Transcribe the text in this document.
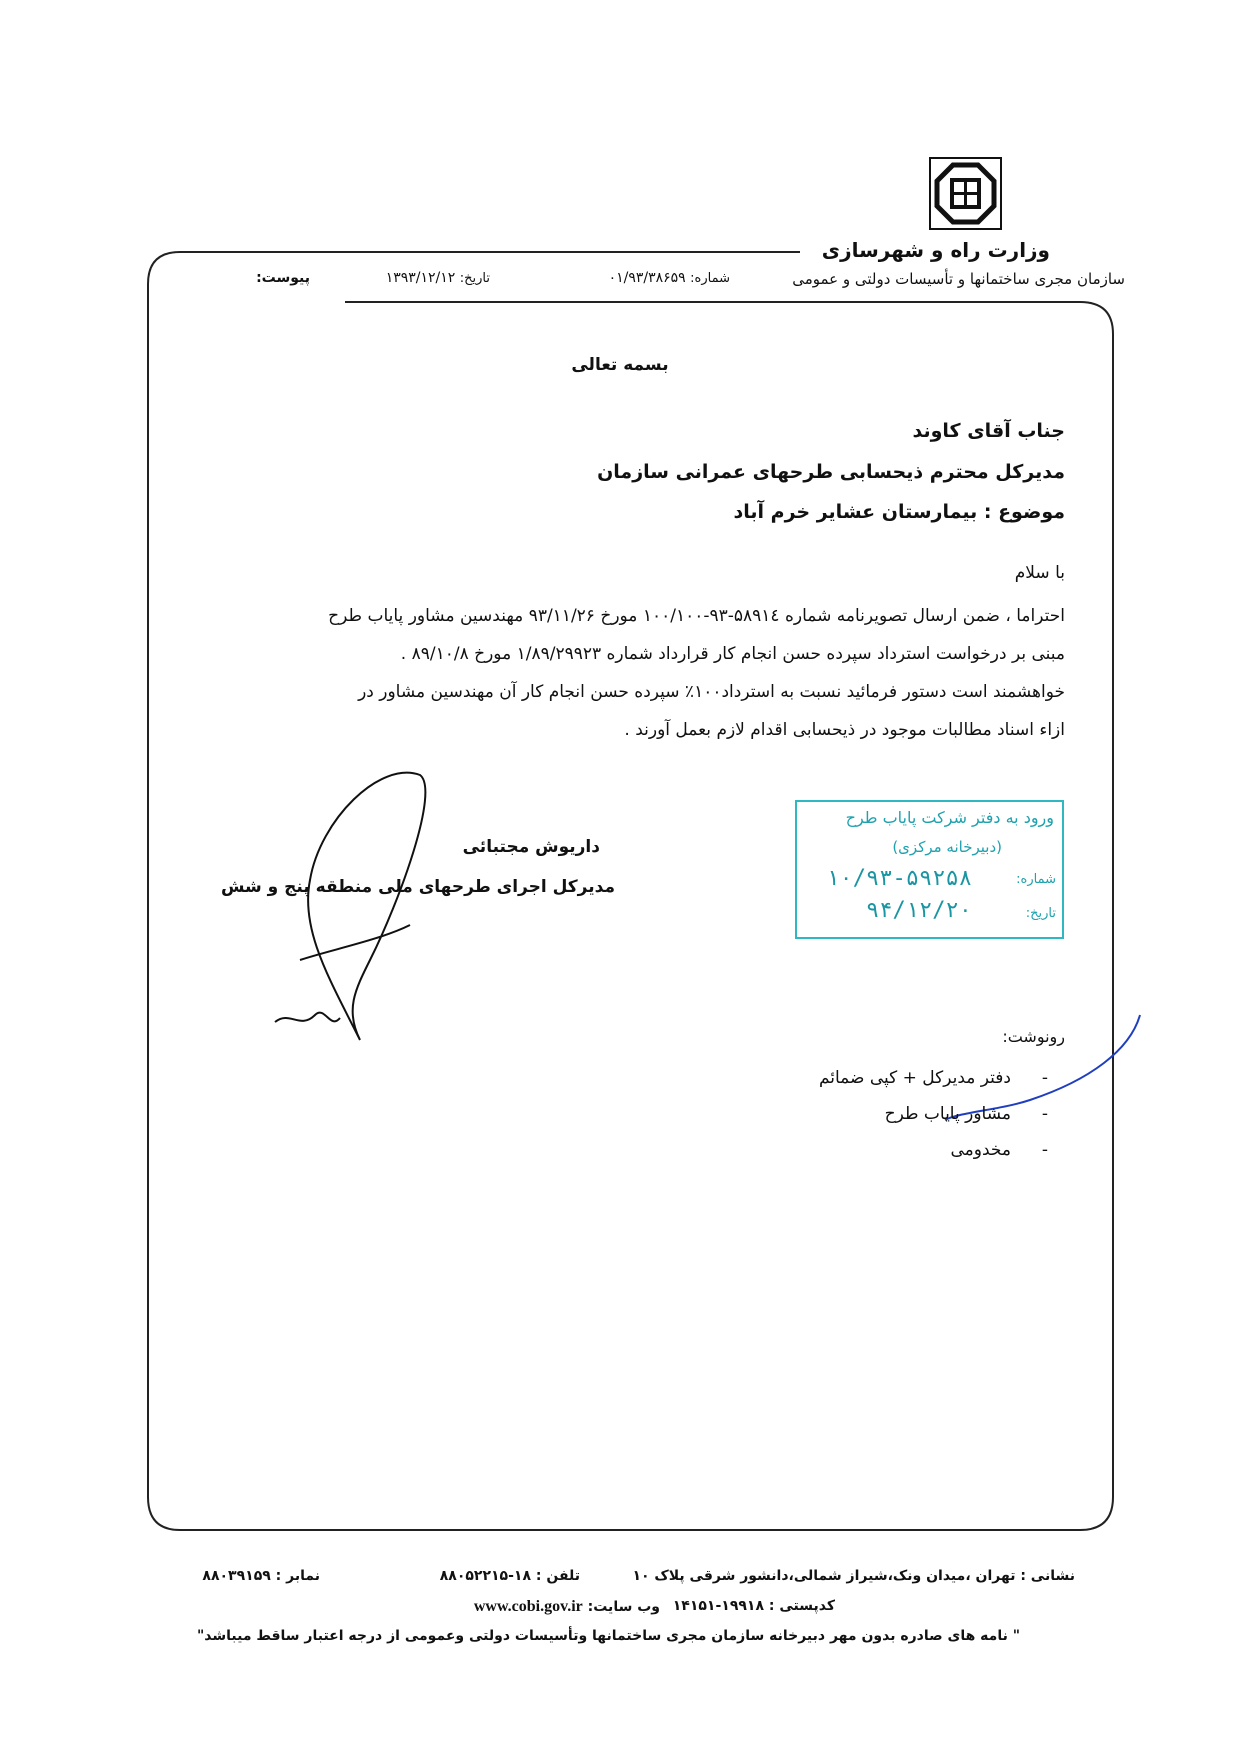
وزارت راه و شهرسازی
سازمان مجری ساختمانها و تأسیسات دولتی و عمومی
شماره: ۰۱/۹۳/۳۸۶۵۹
تاریخ: ۱۳۹۳/۱۲/۱۲
پیوست:
بسمه تعالی
جناب آقای کاوند
مدیرکل محترم ذیحسابی طرحهای عمرانی سازمان
موضوع : بیمارستان عشایر خرم آباد
با سلام

احتراما ، ضمن ارسال تصویرنامه شماره ۵۸۹۱٤-۹۳-۱۰۰/۱۰۰ مورخ ۹۳/۱۱/۲۶ مهندسین مشاور پایاب طرح

مبنی بر درخواست استرداد سپرده حسن انجام کار قرارداد شماره ۱/۸۹/۲۹۹۲۳ مورخ ۸۹/۱۰/۸ .

خواهشمند است دستور فرمائید نسبت به استرداد۱۰۰٪ سپرده حسن انجام کار آن مهندسین مشاور در

ازاء اسناد مطالبات موجود در ذیحسابی اقدام لازم بعمل آورند .

داریوش مجتبائی
مدیرکل اجرای طرحهای ملی منطقه پنج و شش
ورود به دفتر شرکت پایاب طرح
(دبیرخانه مرکزی)
شماره:
۱۰/۹۳-۵۹۲۵۸
تاریخ:
۹۴/۱۲/۲۰
رونوشت:
-دفتر مدیرکل + کپی ضمائم
-مشاور پایاب طرح
-مخدومی
نشانی : تهران ،میدان ونک،شیراز شمالی،دانشور شرقی پلاک ۱۰
تلفن : ۱۸-۸۸۰۵۲۲۱۵
نمابر : ۸۸۰۳۹۱۵۹
کدپستی : ۱۹۹۱۸-۱۴۱۵۱
وب سایت: www.cobi.gov.ir
" نامه های صادره بدون مهر دبیرخانه سازمان مجری ساختمانها وتأسیسات دولتی وعمومی از درجه اعتبار ساقط میباشد"
